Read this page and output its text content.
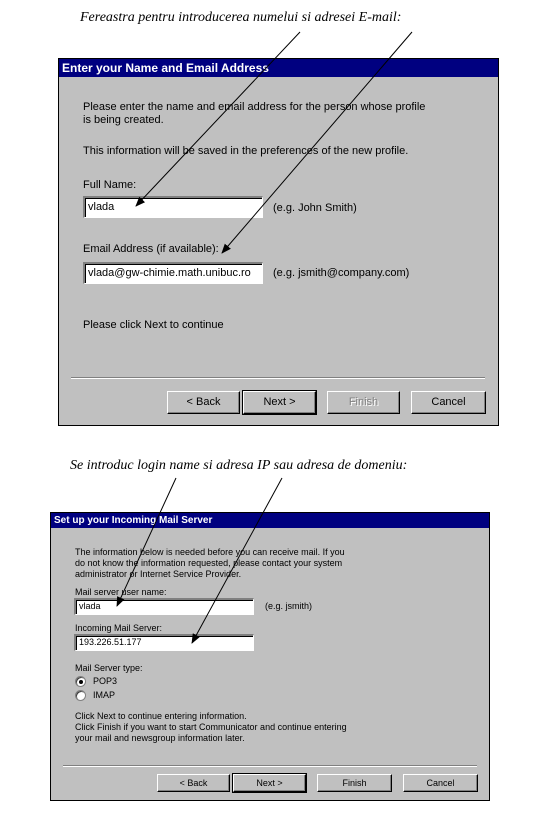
Fereastra pentru introducerea numelui si adresei E-mail:
Enter your Name and Email Address
Please enter the name and email address for the person whose profile
is being created.
This information will be saved in the preferences of the new profile.
Full Name:
vlada	(e.g. John Smith)
Email Address (if available):
vlada@gw-chimie.math.unibuc.ro	(e.g. jsmith@company.com)
Please click Next to continue
< Back	Next >	Finish	Cancel
Se introduc login name si adresa IP sau adresa de domeniu:
Set up your Incoming Mail Server
The information below is needed before you can receive mail. If you
do not know the information requested, please contact your system
administrator or Internet Service Provider.
Mail server user name:
vlada	(e.g. jsmith)
Incoming Mail Server:
193.226.51.177
Mail Server type:
POP3
IMAP
Click Next to continue entering information.
Click Finish if you want to start Communicator and continue entering
your mail and newsgroup information later.
< Back	Next >	Finish	Cancel
